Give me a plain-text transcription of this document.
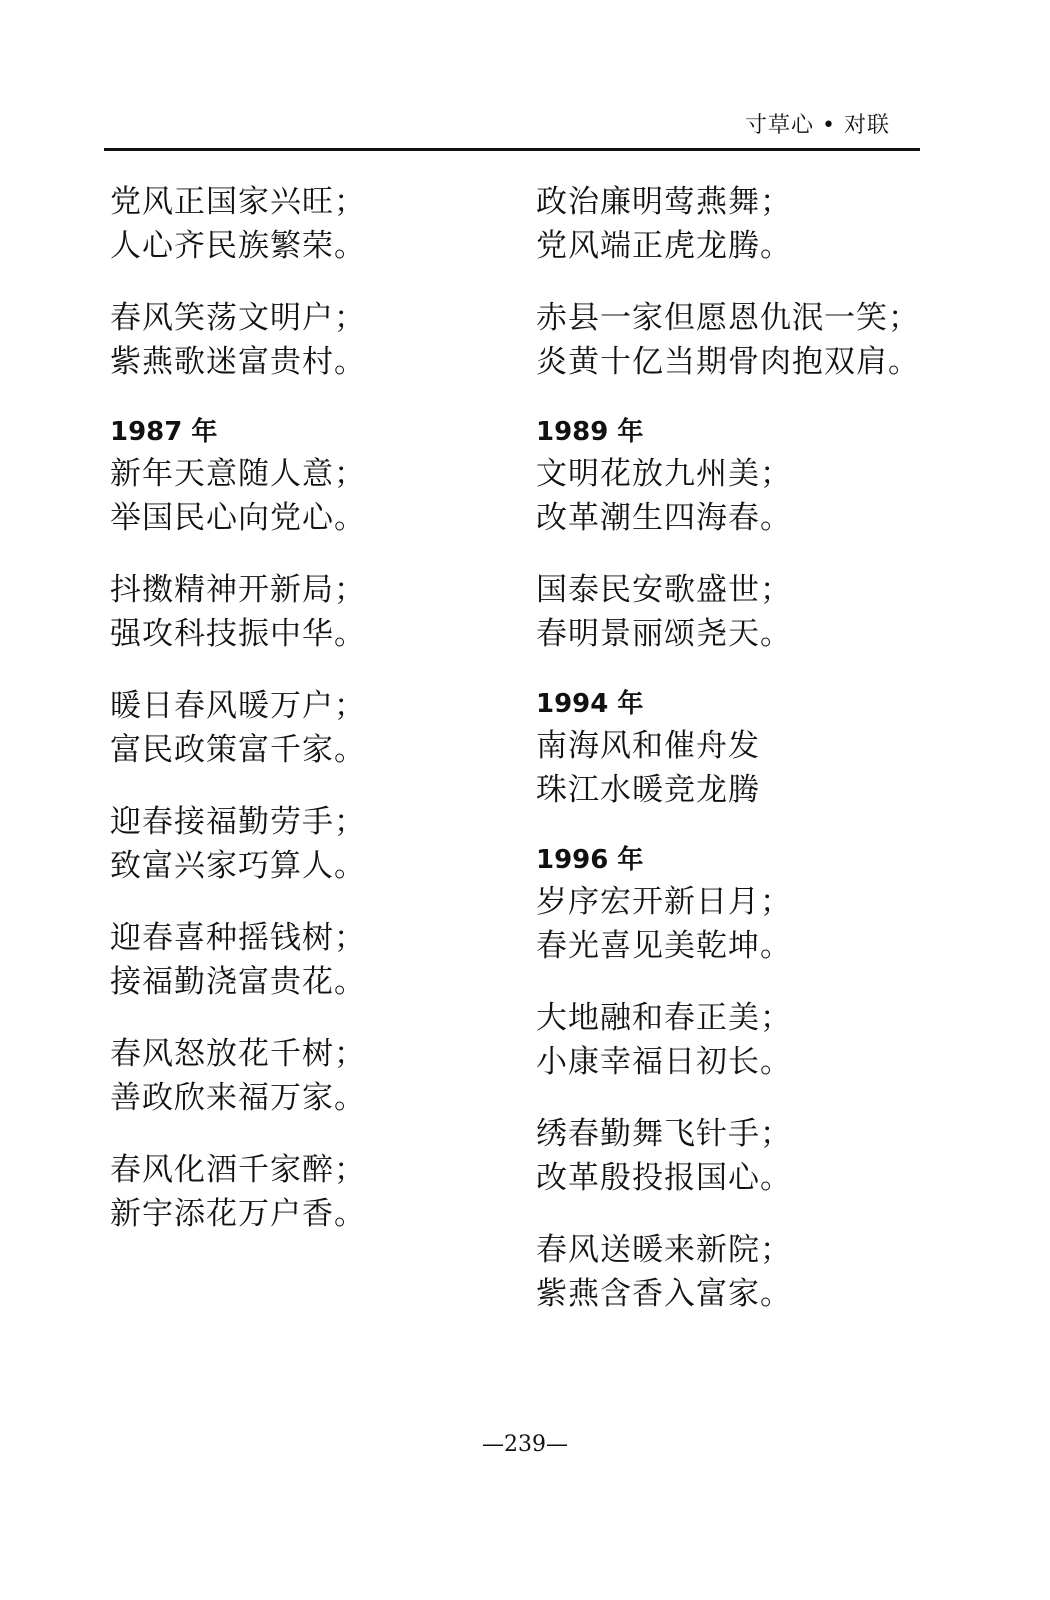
寸草心 • 对联
党风正国家兴旺；
人心齐民族繁荣。
春风笑荡文明户；
紫燕歌迷富贵村。
1987 年
新年天意随人意；
举国民心向党心。
抖擞精神开新局；
强攻科技振中华。
暖日春风暖万户；
富民政策富千家。
迎春接福勤劳手；
致富兴家巧算人。
迎春喜种摇钱树；
接福勤浇富贵花。
春风怒放花千树；
善政欣来福万家。
春风化酒千家醉；
新宇添花万户香。
政治廉明莺燕舞；
党风端正虎龙腾。
赤县一家但愿恩仇泯一笑；
炎黄十亿当期骨肉抱双肩。
1989 年
文明花放九州美；
改革潮生四海春。
国泰民安歌盛世；
春明景丽颂尧天。
1994 年
南海风和催舟发
珠江水暖竞龙腾
1996 年
岁序宏开新日月；
春光喜见美乾坤。
大地融和春正美；
小康幸福日初长。
绣春勤舞飞针手；
改革殷投报国心。
春风送暖来新院；
紫燕含香入富家。
—239—
